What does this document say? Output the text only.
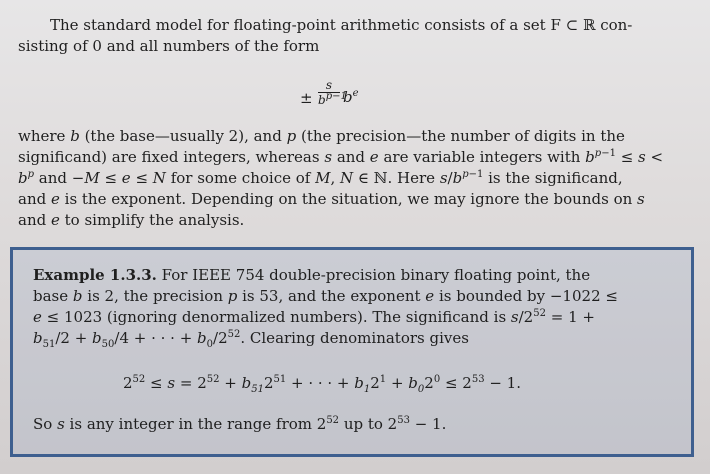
The standard model for floating-point arithmetic consists of a set F ⊂ ℝ con-
sisting of 0 and all numbers of the form
± $\frac{s}{b^{p-1}} b^e$
where b (the base—usually 2), and p (the precision—the number of digits in the
significand) are fixed integers, whereas s and e are variable integers with $b^{p-1} \le s$ <
$b^p$ and −M ≤ e ≤ N for some choice of M, N ∈ ℕ. Here $s/b^{p-1}$ is the significand,
and e is the exponent. Depending on the situation, we may ignore the bounds on s
and e to simplify the analysis.
Example 1.3.3. For IEEE 754 double-precision binary floating point, the
base b is 2, the precision p is 53, and the exponent e is bounded by −1022 ≤
e ≤ 1023 (ignoring denormalized numbers). The significand is $s/2^{52} = 1$ +
$b_{51}/2 + b_{50}/4$ + · · · + $b_0/2^{52}$. Clearing denominators gives
$2^{52} \le s = 2^{52} + b_{51}2^{51}$ + · · · + $b_12^1 + b_02^0 \le 2^{53} - 1$.
So s is any integer in the range from $2^{52}$ up to $2^{53} - 1$.
